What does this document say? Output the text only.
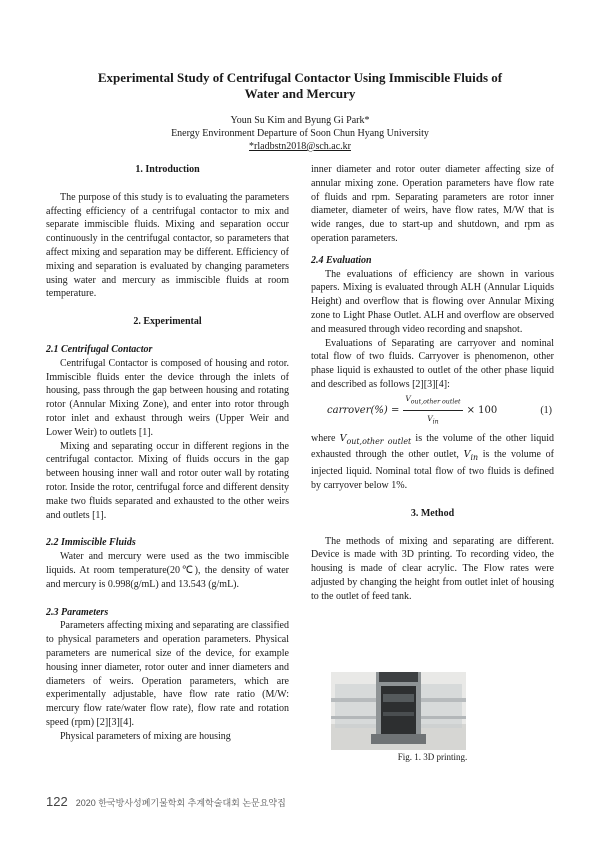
Experimental Study of Centrifugal Contactor Using Immiscible Fluids of
Water and Mercury
Youn Su Kim and Byung Gi Park*
Energy Environment Departure of Soon Chun Hyang University
*rladbstn2018@sch.ac.kr
1. Introduction

The purpose of this study is to evaluating the parameters affecting efficiency of a centrifugal contactor to mix and separate immiscible fluids. Mixing and separation occur continuously in the centrifugal contactor, so parameters that affect mixing and separation may be different. Efficiency of mixing and separation is evaluated by changing parameters using water and mercury as immiscible fluids at room temperature.

2. Experimental
2.1 Centrifugal Contactor

Centrifugal Contactor is composed of housing and rotor. Immiscible fluids enter the device through the inlets of housing, pass through the gap between housing and rotating rotor (Annular Mixing Zone), and enter into rotor through rotor inlet and exhaust through weirs (Upper Weir and Lower Weir) to outlets [1].

Mixing and separating occur in different regions in the centrifugal contactor. Mixing of fluids occurs in the gap between housing inner wall and rotor outer wall by rotating rotor. Inside the rotor, centrifugal force and different density make two fluids separated and exhausted to the other weirs and outlets [1].

2.2 Immiscible Fluids

Water and mercury were used as the two immiscible liquids. At room temperature(20℃), the density of water and mercury is 0.998(g/mL) and 13.543 (g/mL).

2.3 Parameters

Parameters affecting mixing and separating are classified to physical parameters and operation parameters. Physical parameters are numerical size of the device, for example housing inner diameter, rotor outer and inner diameters and diameters of weirs. Operation parameters, which are experimentally adjustable, have flow rate ratio (M/W: mercury flow rate/water flow rate), flow rate and rotation speed (rpm) [2][3][4].

Physical parameters of mixing are housing

inner diameter and rotor outer diameter affecting size of annular mixing zone. Operation parameters have flow rate of fluids and rpm. Separating parameters are rotor inner diameter, diameter of weirs, have flow rates, M/W that is wide ranges, due to start-up and shutdown, and rpm as operation parameters.

2.4 Evaluation

The evaluations of efficiency are shown in various papers. Mixing is evaluated through ALH (Annular Liquids Height) and overflow that is flowing over Annular Mixing zone to Light Phase Outlet. ALH and overflow are observed and measured through video recording and snapshot.

Evaluations of Separating are carryover and nominal total flow of two fluids. Carryover is phenomenon, other phase liquid is exhausted to outlet of the other phase liquid and described as follows [2][3][4]:

carrover(%) = $\frac{V_{out,other outlet}}{V_{in}} \times 100$	(1)

where $V_{out,other outlet}$ is the volume of the other liquid exhausted through the other outlet, $V_{in}$ is the volume of injected liquid. Nominal total flow of two fluids is defined by carryover below 1%.

3. Method

The methods of mixing and separating are different. Device is made with 3D printing. To recording video, the housing is made of clear acrylic. The Flow rates were adjusted by changing the height from outlet inlet of housing to the outlet of feed tank.

Fig. 1. 3D printing.
122 2020 한국방사성폐기물학회 추계학술대회 논문요약집
